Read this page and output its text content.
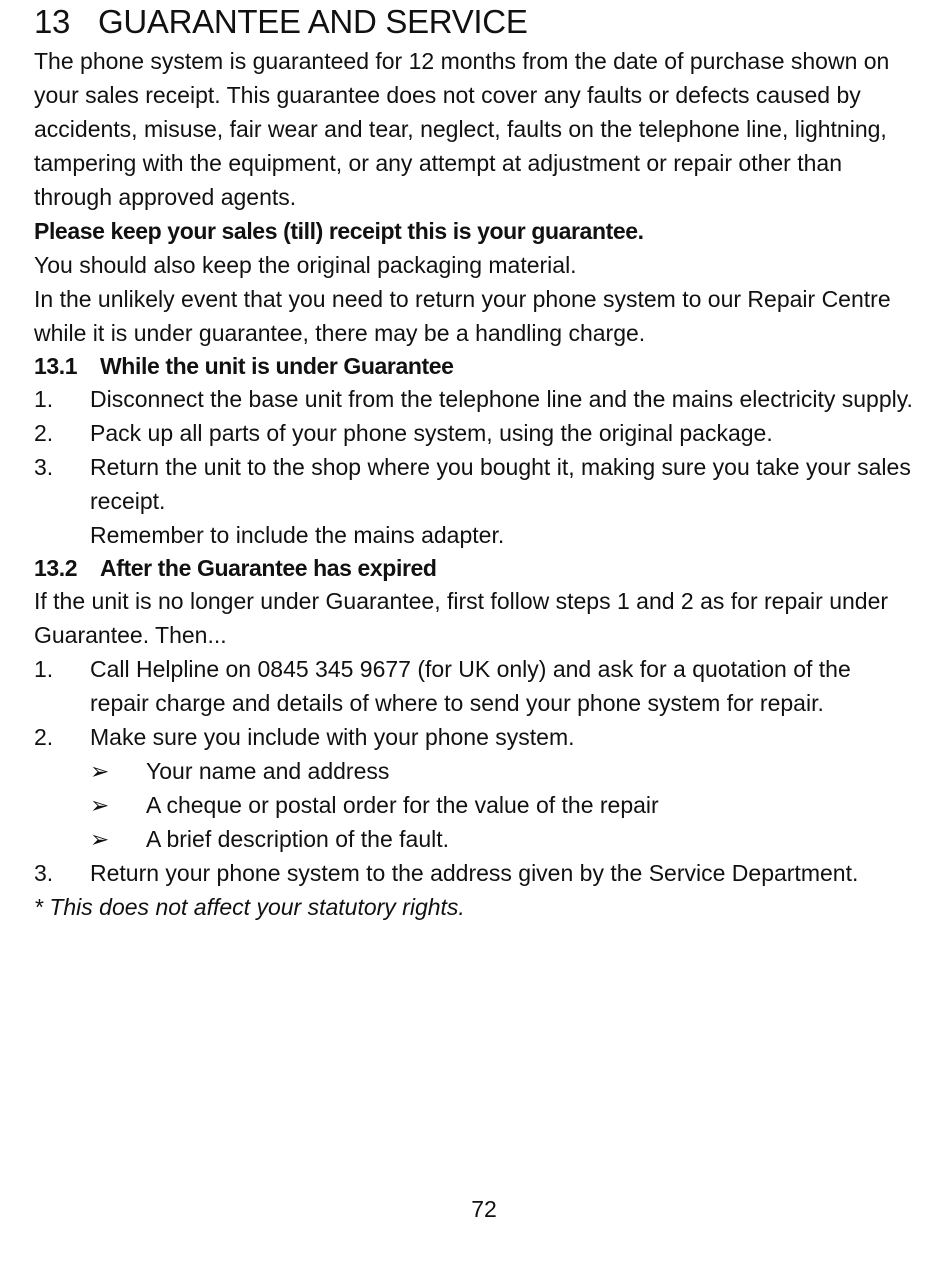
13 GUARANTEE AND SERVICE

The phone system is guaranteed for 12 months from the date of purchase shown on your sales receipt. This guarantee does not cover any faults or defects caused by accidents, misuse, fair wear and tear, neglect, faults on the telephone line, lightning, tampering with the equipment, or any attempt at adjustment or repair other than through approved agents.

Please keep your sales (till) receipt this is your guarantee.

You should also keep the original packaging material.

In the unlikely event that you need to return your phone system to our Repair Centre while it is under guarantee, there may be a handling charge.

13.1 While the unit is under Guarantee
1.	Disconnect the base unit from the telephone line and the mains electricity supply.
2.	Pack up all parts of your phone system, using the original package.
3.	Return the unit to the shop where you bought it, making sure you take your sales receipt.
Remember to include the mains adapter.
13.2 After the Guarantee has expired

If the unit is no longer under Guarantee, first follow steps 1 and 2 as for repair under Guarantee. Then...

1.	Call Helpline on 0845 345 9677 (for UK only) and ask for a quotation of the repair charge and details of where to send your phone system for repair.
2.	Make sure you include with your phone system.
➢	Your name and address
➢	A cheque or postal order for the value of the repair
➢	A brief description of the fault.
3.	Return your phone system to the address given by the Service Department.

* This does not affect your statutory rights.

72
